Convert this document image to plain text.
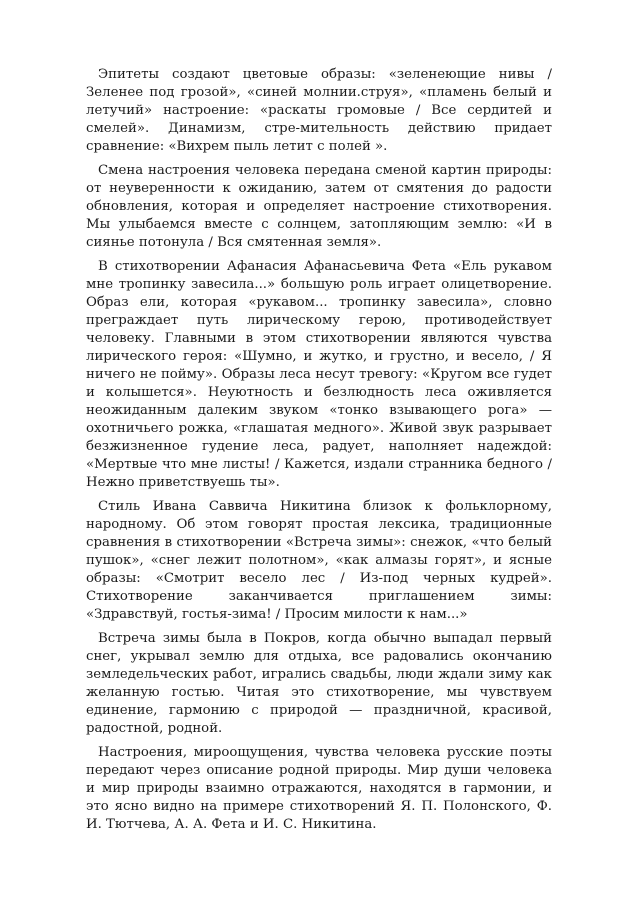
Эпитеты создают цветовые образы: «зеленеющие нивы / Зеленее под грозой», «синей молнии.струя», «пламень белый и летучий» настроение: «раскаты громовые / Все сердитей и смелей». Динамизм, стре-мительность действию придает сравнение: «Вихрем пыль летит с полей ».

Смена настроения человека передана сменой картин природы: от неуверенности к ожиданию, затем от смятения до радости обновления, которая и определяет настроение стихотворения. Мы улыбаемся вместе с солнцем, затопляющим землю: «И в сиянье потонула / Вся смятенная земля».

В стихотворении Афанасия Афанасьевича Фета «Ель рукавом мне тропинку завесила...» большую роль играет олицетворение. Образ ели, которая «рукавом... тропинку завесила», словно преграждает путь лирическому герою, противодействует человеку. Главными в этом стихотворении являются чувства лирического героя: «Шумно, и жутко, и грустно, и весело, / Я ничего не пойму». Образы леса несут тревогу: «Кругом все гудет и колышется». Неуютность и безлюдность леса оживляется неожиданным далеким звуком «тонко взывающего рога» — охотничьего рожка, «глашатая медного». Живой звук разрывает безжизненное гудение леса, радует, наполняет надеждой: «Мертвые что мне листы! / Кажется, издали странника бедного / Нежно приветствуешь ты».

Стиль Ивана Саввича Никитина близок к фольклорному, народному. Об этом говорят простая лексика, традиционные сравнения в стихотворении «Встреча зимы»: снежок, «что белый пушок», «снег лежит полотном», «как алмазы горят», и ясные образы: «Смотрит весело лес / Из-под черных кудрей». Стихотворение заканчивается приглашением зимы: «Здравствуй, гостья-зима! / Просим милости к нам...»

Встреча зимы была в Покров, когда обычно выпадал первый снег, укрывал землю для отдыха, все радовались окончанию земледельческих работ, игрались свадьбы, люди ждали зиму как желанную гостью. Читая это стихотворение, мы чувствуем единение, гармонию с природой — праздничной, красивой, радостной, родной.

Настроения, мироощущения, чувства человека русские поэты передают через описание родной природы. Мир души человека и мир природы взаимно отражаются, находятся в гармонии, и это ясно видно на примере стихотворений Я. П. Полонского, Ф. И. Тютчева, А. А. Фета и И. С. Никитина.
